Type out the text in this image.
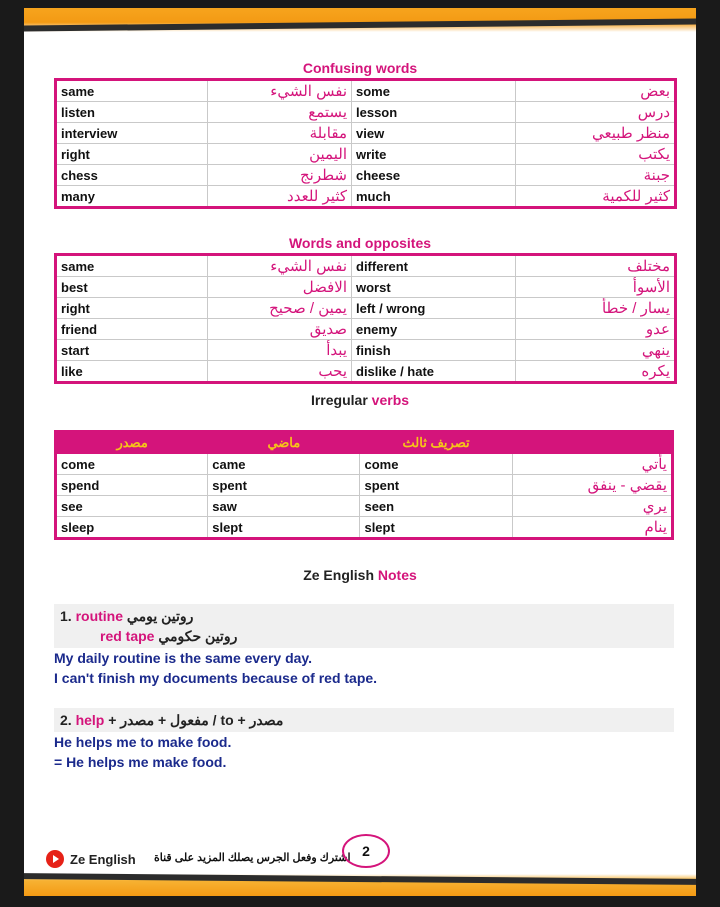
Confusing words
same	نفس الشيء	some	بعض
listen	يستمع	lesson	درس
interview	مقابلة	view	منظر طبيعي
right	اليمين	write	يكتب
chess	شطرنج	cheese	جبنة
many	كثير للعدد	much	كثير للكمية
Words and opposites
same	نفس الشيء	different	مختلف
best	الافضل	worst	الأسوأ
right	يمين / صحيح	left / wrong	يسار / خطأ
friend	صديق	enemy	عدو
start	يبدأ	finish	ينهي
like	يحب	dislike / hate	يكره
Irregular verbs
مصدر	ماضي	تصريف ثالث	
come	came	come	يأتي
spend	spent	spent	يقضي - ينفق
see	saw	seen	يري
sleep	slept	slept	ينام
Ze English Notes
1. routine روتين يومي
red tape روتين حكومي
My daily routine is the same every day.
I can't finish my documents because of red tape.
2. help + مفعول + مصدر / to + مصدر
He helps me to make food.
= He helps me make food.
Ze English اشترك وفعل الجرس يصلك المزيد على قناة 2
